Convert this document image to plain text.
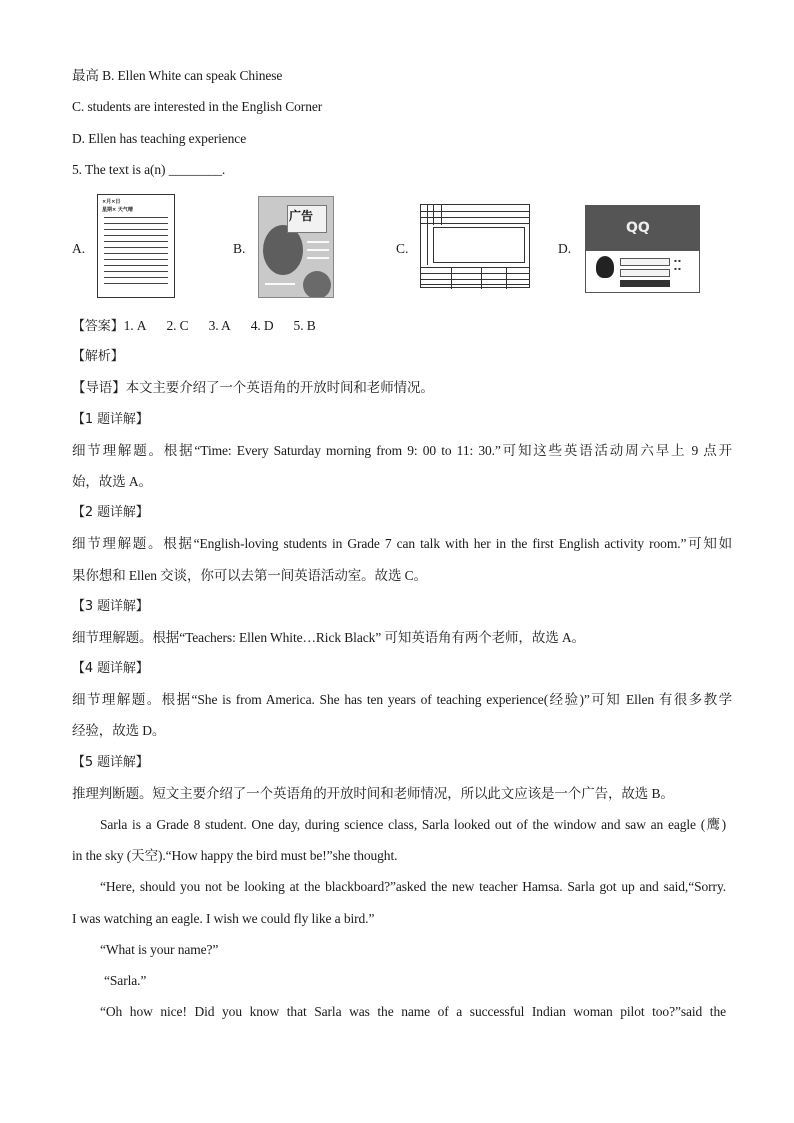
最高 B. Ellen White can speak Chinese
C. students are interested in the English Corner
D. Ellen has teaching experience
5. The text is a(n) ________.
A.
×月×日
星期× 天气晴
B.
广告
C.	D.
QQ
▪ ▪
▪ ▪
【答案】1. A 2. C 3. A 4. D 5. B
【解析】
【导语】本文主要介绍了一个英语角的开放时间和老师情况。
【1 题详解】
细节理解题。根据“Time: Every Saturday morning from 9: 00 to 11: 30.”可知这些英语活动周六早上 9 点开
始，故选 A。
【2 题详解】
细节理解题。根据“English-loving students in Grade 7 can talk with her in the first English activity room.”可知如
果你想和 Ellen 交谈，你可以去第一间英语活动室。故选 C。
【3 题详解】
细节理解题。根据“Teachers: Ellen White…Rick Black” 可知英语角有两个老师，故选 A。
【4 题详解】
细节理解题。根据“She is from America. She has ten years of teaching experience(经验)”可知 Ellen 有很多教学
经验，故选 D。
【5 题详解】
推理判断题。短文主要介绍了一个英语角的开放时间和老师情况，所以此文应该是一个广告，故选 B。
Sarla is a Grade 8 student. One day, during science class, Sarla looked out of the window and saw an eagle (鹰)
in the sky (天空).“How happy the bird must be!”she thought.
“Here, should you not be looking at the blackboard?”asked the new teacher Hamsa. Sarla got up and said,“Sorry.
I was watching an eagle. I wish we could fly like a bird.”
“What is your name?”
“Sarla.”
“Oh how nice! Did you know that Sarla was the name of a successful Indian woman pilot too?”said the
